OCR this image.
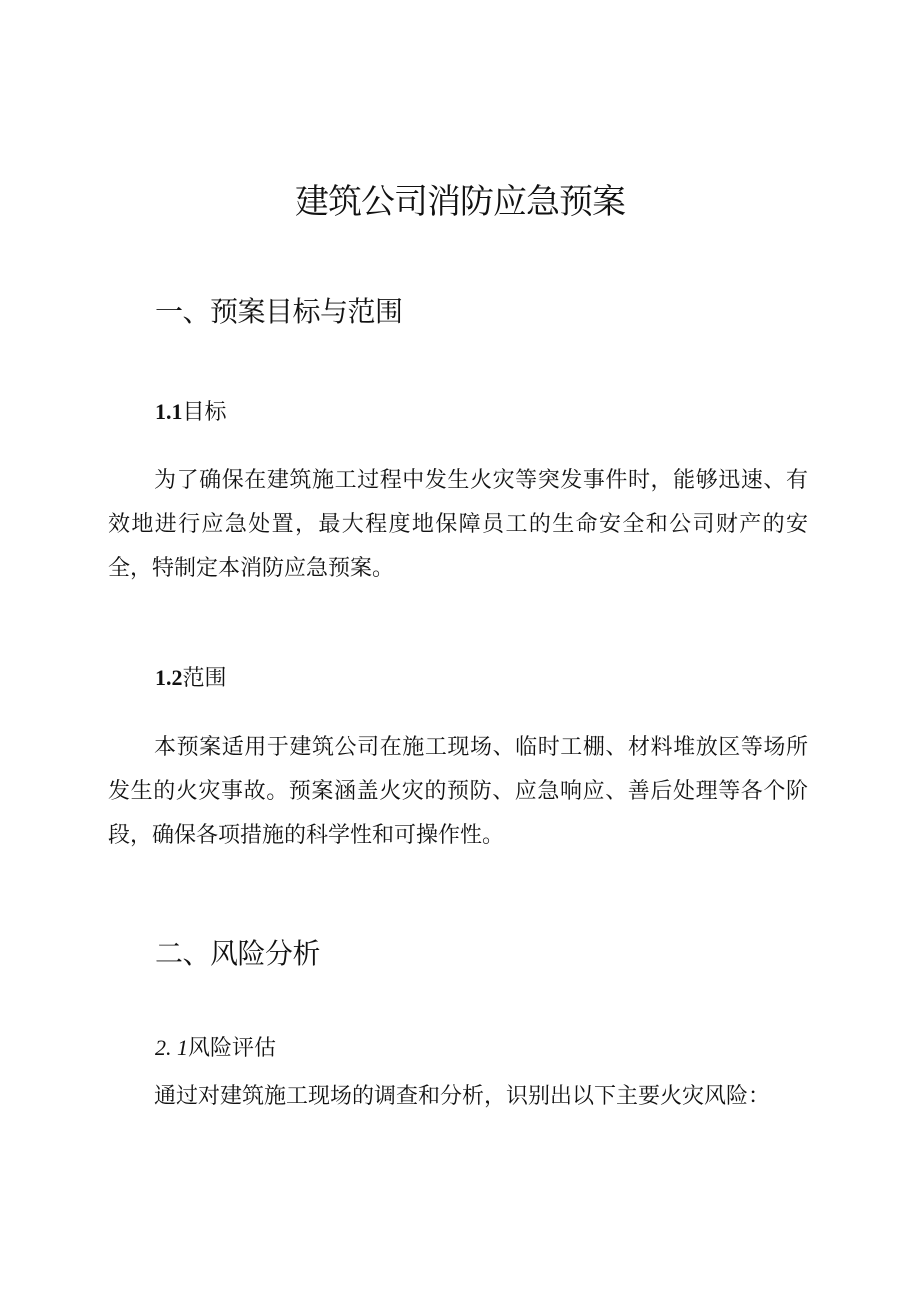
建筑公司消防应急预案
一、预案目标与范围
1.1目标

为了确保在建筑施工过程中发生火灾等突发事件时，能够迅速、有效地进行应急处置，最大程度地保障员工的生命安全和公司财产的安全，特制定本消防应急预案。

1.2范围

本预案适用于建筑公司在施工现场、临时工棚、材料堆放区等场所发生的火灾事故。预案涵盖火灾的预防、应急响应、善后处理等各个阶段，确保各项措施的科学性和可操作性。

二、风险分析
2. 1风险评估

通过对建筑施工现场的调查和分析，识别出以下主要火灾风险：
